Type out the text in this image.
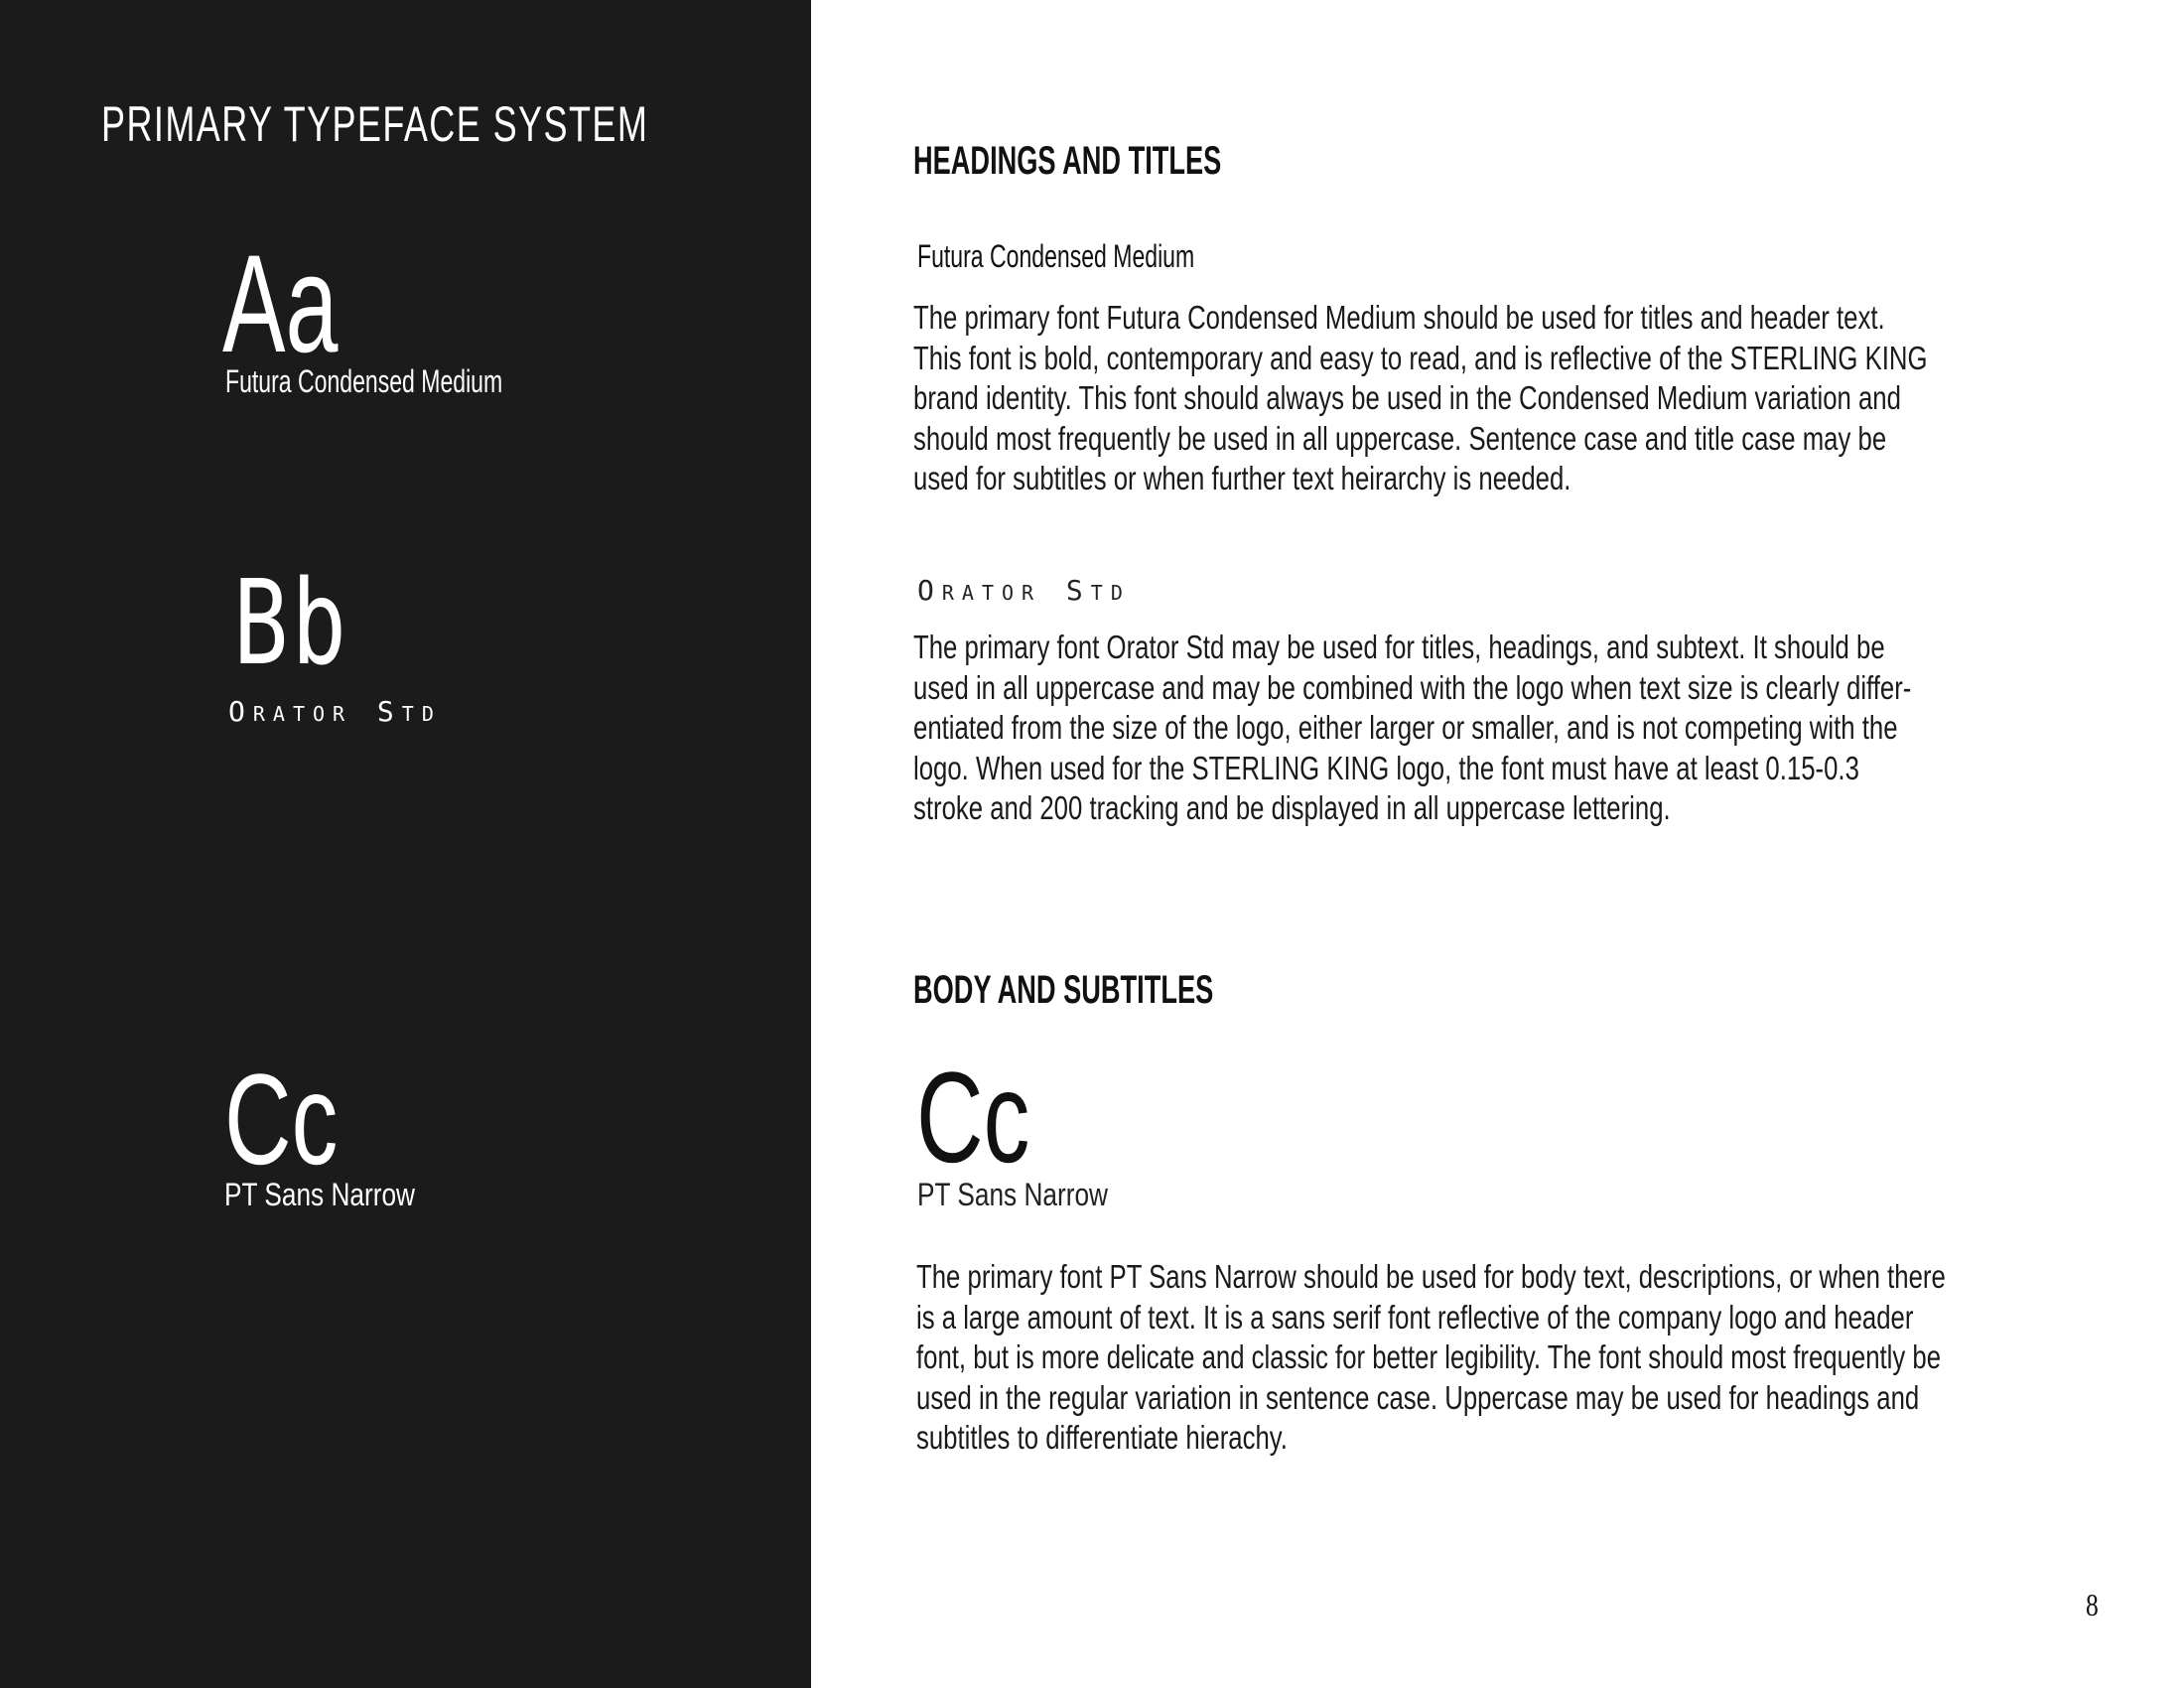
PRIMARY TYPEFACE SYSTEM
Aa
Futura Condensed Medium
Bb
Orator Std
Cc
PT Sans Narrow
HEADINGS AND TITLES
Futura Condensed Medium
The primary font Futura Condensed Medium should be used for titles and header text. This font is bold, contemporary and easy to read, and is reflective of the STERLING KING brand identity. This font should always be used in the Condensed Medium variation and should most frequently be used in all uppercase. Sentence case and title case may be used for subtitles or when further text heirarchy is needed.
Orator Std
The primary font Orator Std may be used for titles, headings, and subtext. It should be used in all uppercase and may be combined with the logo when text size is clearly differ-entiated from the size of the logo, either larger or smaller, and is not competing with the logo. When used for the STERLING KING logo, the font must have at least 0.15-0.3 stroke and 200 tracking and be displayed in all uppercase lettering.
BODY AND SUBTITLES
Cc
PT Sans Narrow
The primary font PT Sans Narrow should be used for body text, descriptions, or when there is a large amount of text. It is a sans serif font reflective of the company logo and header font, but is more delicate and classic for better legibility. The font should most frequently be used in the regular variation in sentence case. Uppercase may be used for headings and subtitles to differentiate hierachy.
8
